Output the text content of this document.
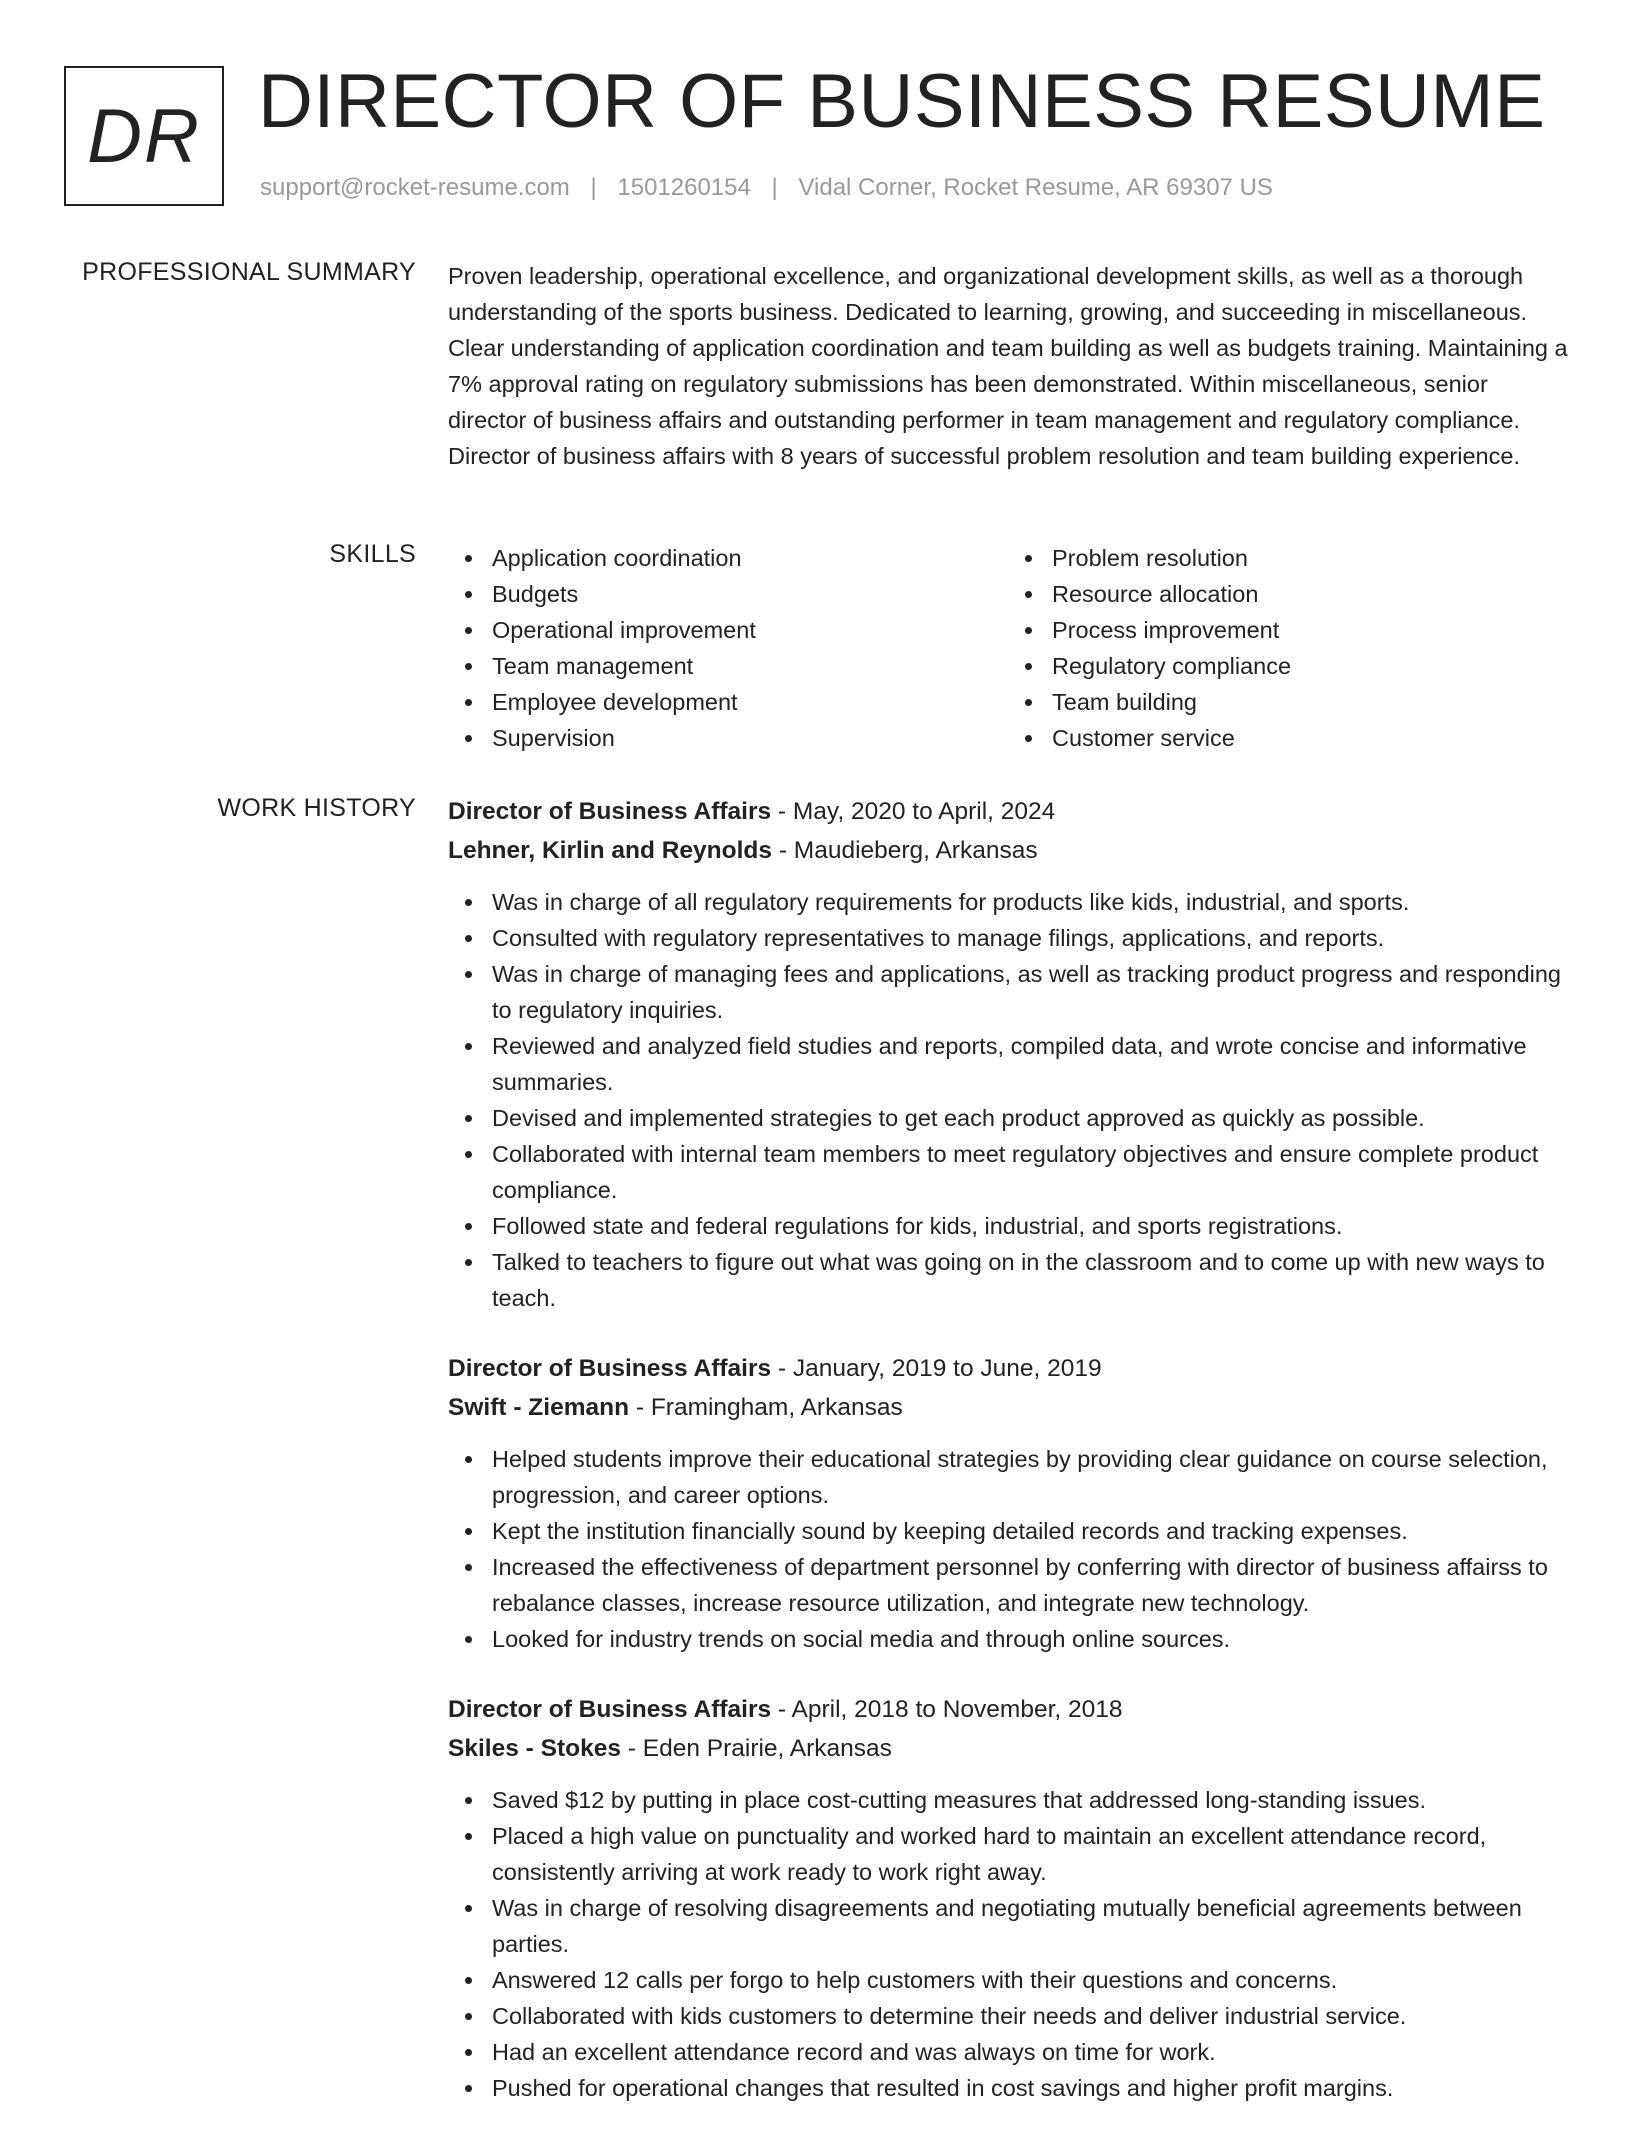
DR DIRECTOR OF BUSINESS RESUME
support@rocket-resume.com | 1501260154 | Vidal Corner, Rocket Resume, AR 69307 US
PROFESSIONAL SUMMARY Proven leadership, operational excellence, and organizational development skills, as well as a thorough understanding of the sports business. Dedicated to learning, growing, and succeeding in miscellaneous. Clear understanding of application coordination and team building as well as budgets training. Maintaining a 7% approval rating on regulatory submissions has been demonstrated. Within miscellaneous, senior director of business affairs and outstanding performer in team management and regulatory compliance. Director of business affairs with 8 years of successful problem resolution and team building experience.

SKILLS	Application coordination
Budgets
Operational improvement
Team management
Employee development
Supervision
Problem resolution
Resource allocation
Process improvement
Regulatory compliance
Team building
Customer service
WORK HISTORY Director of Business Affairs - May, 2020 to April, 2024
Lehner, Kirlin and Reynolds - Maudieberg, Arkansas
Was in charge of all regulatory requirements for products like kids, industrial, and sports.
Consulted with regulatory representatives to manage filings, applications, and reports.
Was in charge of managing fees and applications, as well as tracking product progress and responding to regulatory inquiries.
Reviewed and analyzed field studies and reports, compiled data, and wrote concise and informative summaries.
Devised and implemented strategies to get each product approved as quickly as possible.
Collaborated with internal team members to meet regulatory objectives and ensure complete product compliance.
Followed state and federal regulations for kids, industrial, and sports registrations.
Talked to teachers to figure out what was going on in the classroom and to come up with new ways to teach.
Director of Business Affairs - January, 2019 to June, 2019
Swift - Ziemann - Framingham, Arkansas
Helped students improve their educational strategies by providing clear guidance on course selection, progression, and career options.
Kept the institution financially sound by keeping detailed records and tracking expenses.
Increased the effectiveness of department personnel by conferring with director of business affairss to rebalance classes, increase resource utilization, and integrate new technology.
Looked for industry trends on social media and through online sources.
Director of Business Affairs - April, 2018 to November, 2018
Skiles - Stokes - Eden Prairie, Arkansas
Saved $12 by putting in place cost-cutting measures that addressed long-standing issues.
Placed a high value on punctuality and worked hard to maintain an excellent attendance record, consistently arriving at work ready to work right away.
Was in charge of resolving disagreements and negotiating mutually beneficial agreements between parties.
Answered 12 calls per forgo to help customers with their questions and concerns.
Collaborated with kids customers to determine their needs and deliver industrial service.
Had an excellent attendance record and was always on time for work.
Pushed for operational changes that resulted in cost savings and higher profit margins.
